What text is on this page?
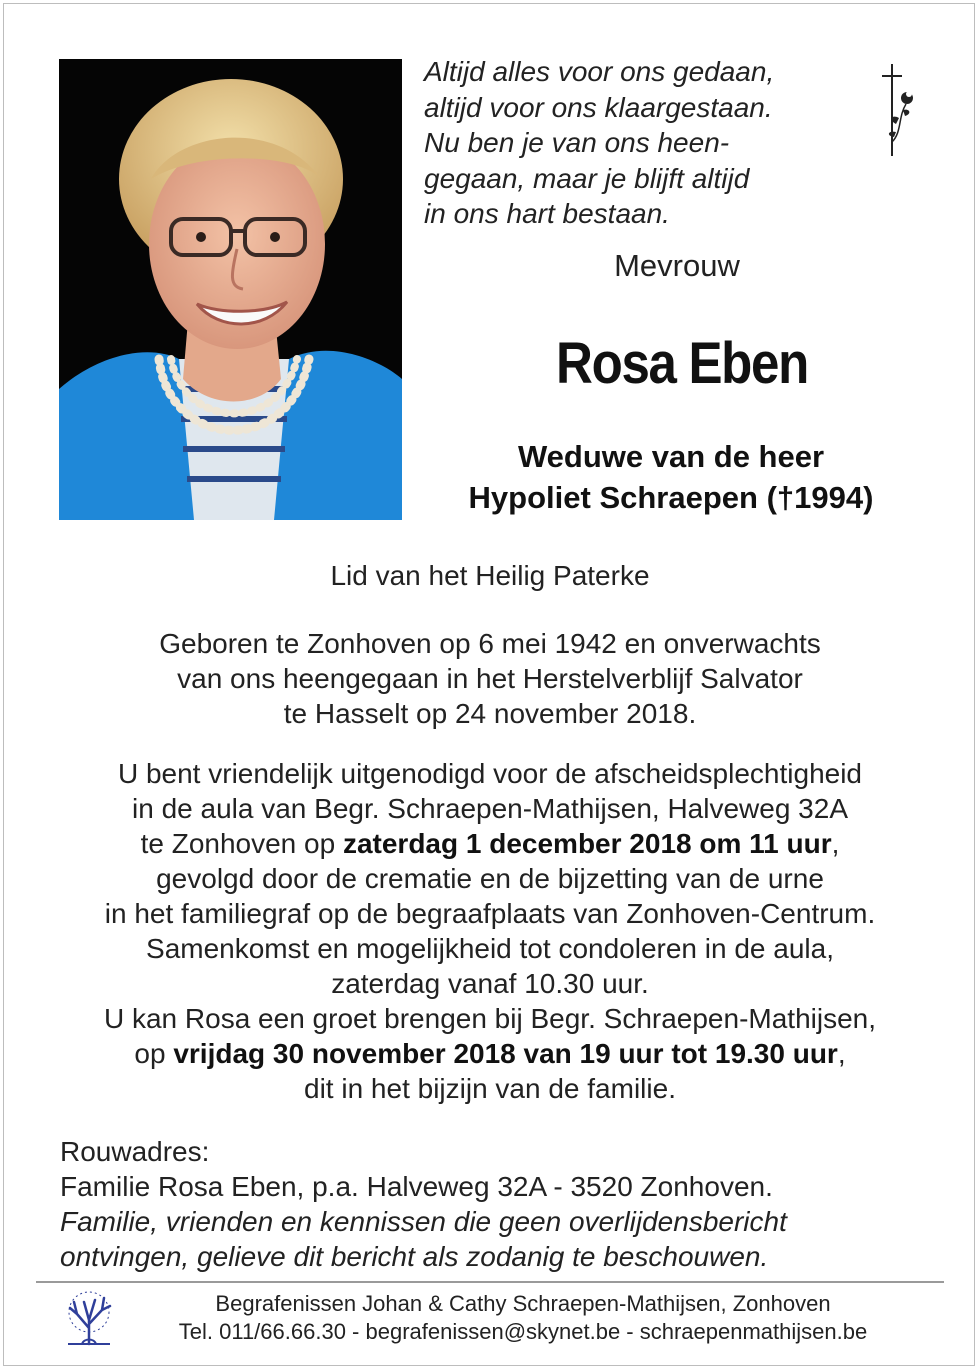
Altijd alles voor ons gedaan,
altijd voor ons klaargestaan.
Nu ben je van ons heen-
gegaan, maar je blijft altijd
in ons hart bestaan.
Mevrouw
Rosa Eben
Weduwe van de heer
Hypoliet Schraepen (†1994)
Lid van het Heilig Paterke
Geboren te Zonhoven op 6 mei 1942 en onverwachts
van ons heengegaan in het Herstelverblijf Salvator
te Hasselt op 24 november 2018.
U bent vriendelijk uitgenodigd voor de afscheidsplechtigheid
in de aula van Begr. Schraepen-Mathijsen, Halveweg 32A
te Zonhoven op zaterdag 1 december 2018 om 11 uur,
gevolgd door de crematie en de bijzetting van de urne
in het familiegraf op de begraafplaats van Zonhoven-Centrum.
Samenkomst en mogelijkheid tot condoleren in de aula,
zaterdag vanaf 10.30 uur.
U kan Rosa een groet brengen bij Begr. Schraepen-Mathijsen,
op vrijdag 30 november 2018 van 19 uur tot 19.30 uur,
dit in het bijzijn van de familie.
Rouwadres:
Familie Rosa Eben, p.a. Halveweg 32A - 3520 Zonhoven.
Familie, vrienden en kennissen die geen overlijdensbericht
ontvingen, gelieve dit bericht als zodanig te beschouwen.
Begrafenissen Johan & Cathy Schraepen-Mathijsen, Zonhoven
Tel. 011/66.66.30 - begrafenissen@skynet.be - schraepenmathijsen.be
